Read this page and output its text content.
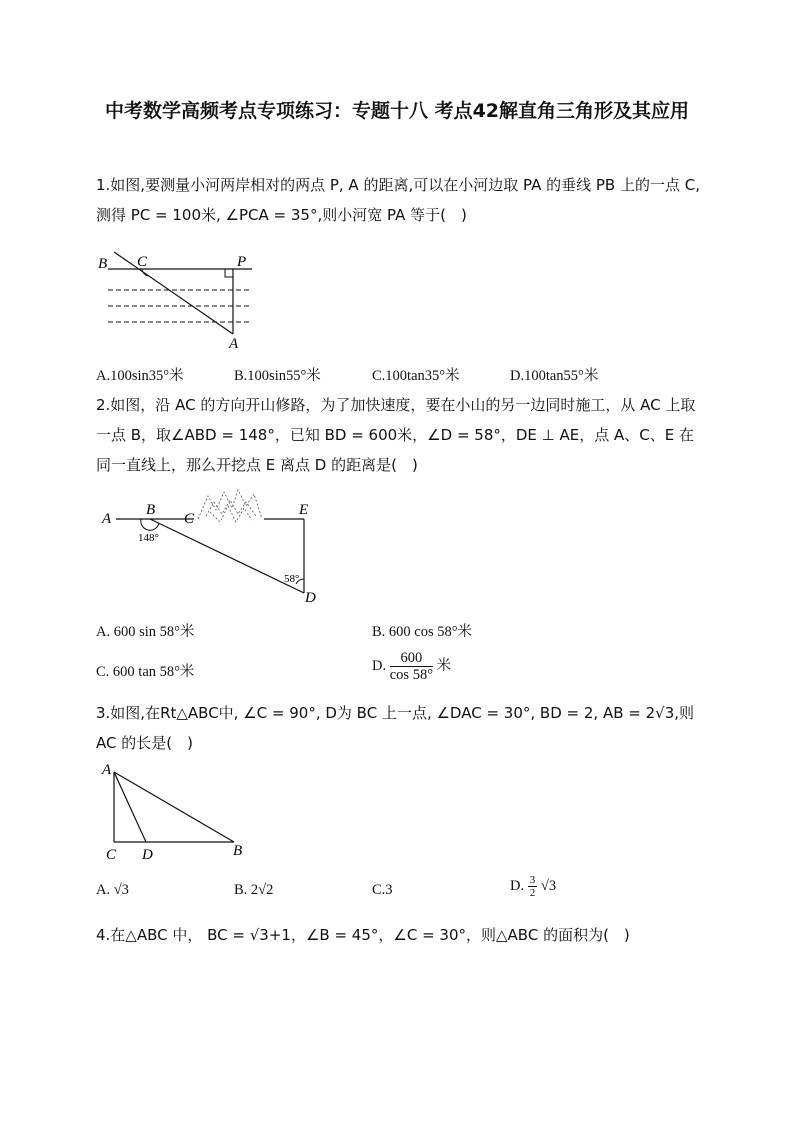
中考数学高频考点专项练习：专题十八 考点42解直角三角形及其应用
1.如图,要测量小河两岸相对的两点 P, A 的距离,可以在小河边取 PA 的垂线 PB 上的一点 C,测得 PC = 100米, ∠PCA = 35°,则小河宽 PA 等于(　)
B C	P
A
A.100sin35°米	B.100sin55°米	C.100tan35°米	D.100tan55°米
2.如图，沿 AC 的方向开山修路，为了加快速度，要在小山的另一边同时施工，从 AC 上取一点 B，取∠ABD = 148°，已知 BD = 600米，∠D = 58°，DE ⊥ AE，点 A、C、E 在同一直线上，那么开挖点 E 离点 D 的距离是(　)
A
B
C
E
D
148°
58°
A. 600 sin 58°米	B. 600 cos 58°米
C. 600 tan 58°米	D. $\frac{600}{\cos 58^\circ}$ 米
3.如图,在Rt△ABC中, ∠C = 90°, D为 BC 上一点, ∠DAC = 30°, BD = 2, AB = 2√3,则 AC 的长是(　)
A
C D	B
A. √3	B. 2√2	C.3	D. $\frac{3}{2} √3$
4.在△ABC 中， BC = √3+1，∠B = 45°，∠C = 30°，则△ABC 的面积为(　)
